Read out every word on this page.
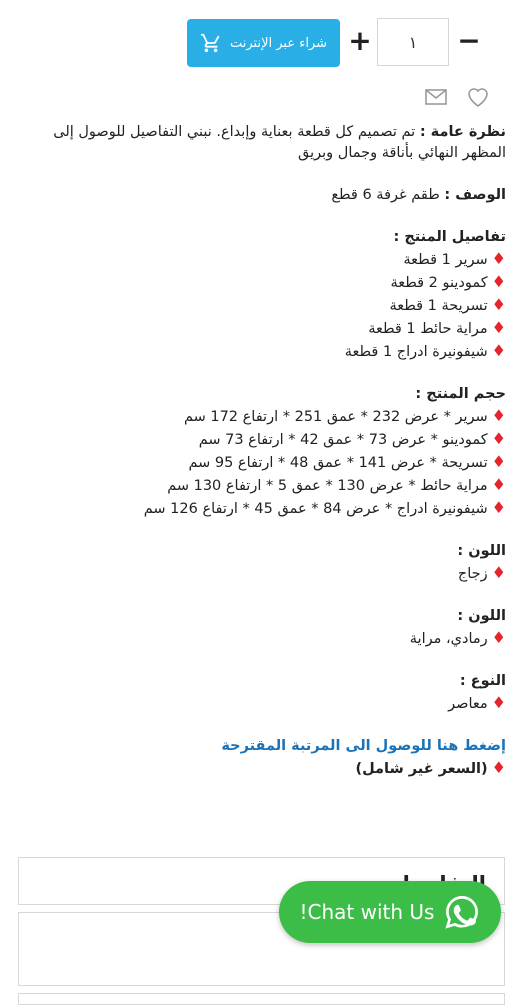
شراء عبر الإنترنت +
١	−

نظرة عامة : تم تصميم كل قطعة بعناية وإبداع. نبني التفاصيل للوصول إلى المظهر النهائي بأناقة وجمال وبريق

الوصف : طقم غرفة 6 قطع

تفاصيل المنتج :

♦سرير 1 قطعة
♦كمودينو 2 قطعة
♦تسريحة 1 قطعة
♦مراية حائط 1 قطعة
♦شيفونيرة ادراج 1 قطعة

حجم المنتج :

♦سرير * عرض 232 * عمق 251 * ارتفاع 172 سم
♦كمودينو * عرض 73 * عمق 42 * ارتفاع 73 سم
♦تسريحة * عرض 141 * عمق 48 * ارتفاع 95 سم
♦مراية حائط * عرض 130 * عمق 5 * ارتفاع 130 سم
♦شيفونيرة ادراج * عرض 84 * عمق 45 * ارتفاع 126 سم

اللون :

♦زجاج

اللون :

♦رمادي، مراية

النوع :

♦معاصر

إضغط هنا للوصول الى المرتبة المقترحة

♦(السعر غير شامل)
!Chat with Us
